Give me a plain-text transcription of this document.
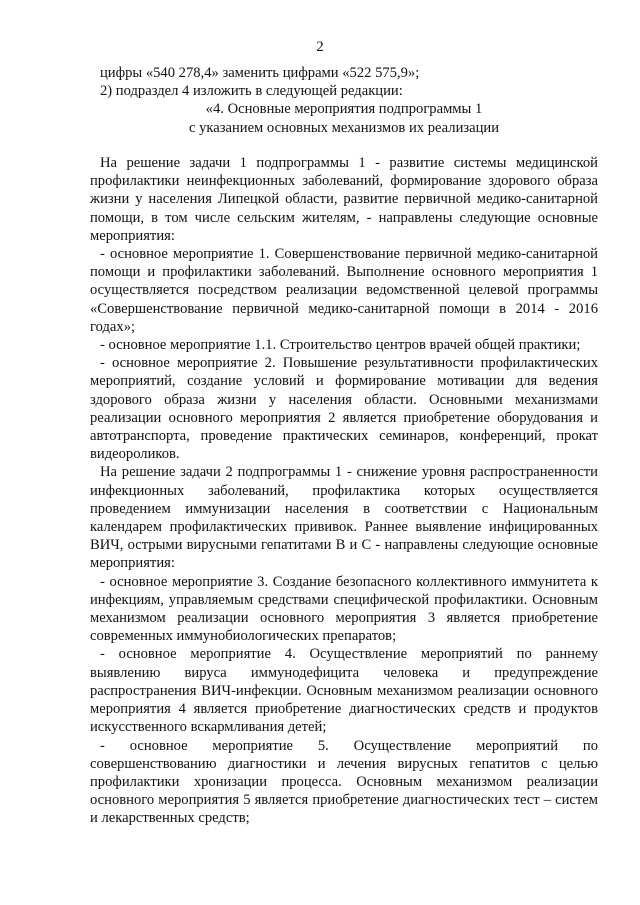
2

цифры «540 278,4» заменить цифрами «522 575,9»;

2) подраздел 4 изложить в следующей редакции:

«4. Основные мероприятия подпрограммы 1

с указанием основных механизмов их реализации

На решение задачи 1 подпрограммы 1 - развитие системы медицинской профилактики неинфекционных заболеваний, формирование здорового образа жизни у населения Липецкой области, развитие первичной медико-санитарной помощи, в том числе сельским жителям, - направлены следующие основные мероприятия:

- основное мероприятие 1. Совершенствование первичной медико-санитарной помощи и профилактики заболеваний. Выполнение основного мероприятия 1 осуществляется посредством реализации ведомственной целевой программы «Совершенствование первичной медико-санитарной помощи в 2014 - 2016 годах»;

- основное мероприятие 1.1. Строительство центров врачей общей практики;

- основное мероприятие 2. Повышение результативности профилактических мероприятий, создание условий и формирование мотивации для ведения здорового образа жизни у населения области. Основными механизмами реализации основного мероприятия 2 является приобретение оборудования и автотранспорта, проведение практических семинаров, конференций, прокат видеороликов.

На решение задачи 2 подпрограммы 1 - снижение уровня распространенности инфекционных заболеваний, профилактика которых осуществляется проведением иммунизации населения в соответствии с Национальным календарем профилактических прививок. Раннее выявление инфицированных ВИЧ, острыми вирусными гепатитами В и С - направлены следующие основные мероприятия:

- основное мероприятие 3. Создание безопасного коллективного иммунитета к инфекциям, управляемым средствами специфической профилактики. Основным механизмом реализации основного мероприятия 3 является приобретение современных иммунобиологических препаратов;

- основное мероприятие 4. Осуществление мероприятий по раннему выявлению вируса иммунодефицита человека и предупреждение распространения ВИЧ-инфекции. Основным механизмом реализации основного мероприятия 4 является приобретение диагностических средств и продуктов искусственного вскармливания детей;

- основное мероприятие 5. Осуществление мероприятий по совершенствованию диагностики и лечения вирусных гепатитов с целью профилактики хронизации процесса. Основным механизмом реализации основного мероприятия 5 является приобретение диагностических тест – систем и лекарственных средств;
